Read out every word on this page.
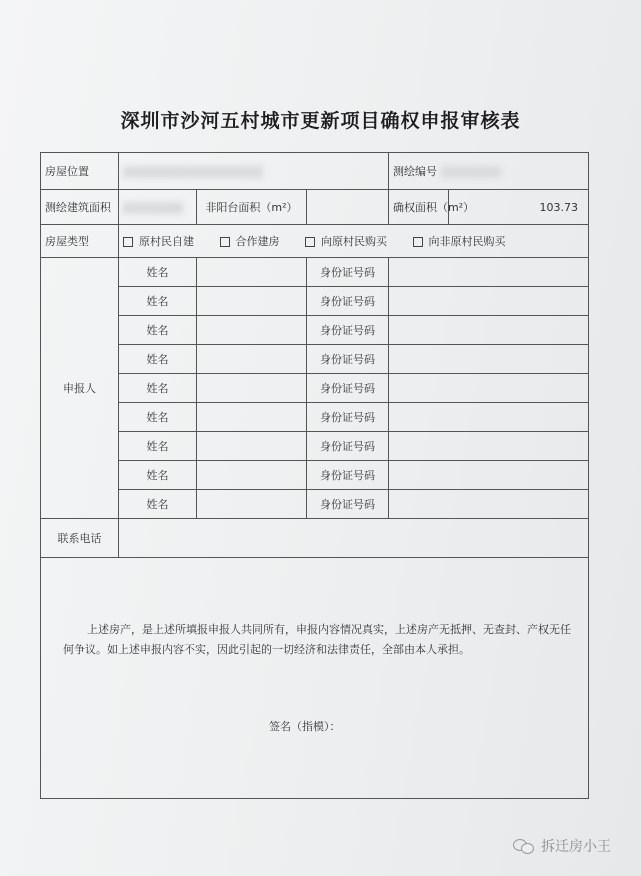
深圳市沙河五村城市更新项目确权申报审核表
房屋位置				测绘编号	
测绘建筑面积		非阳台面积（m²）		确权面积（m²）	103.73
房屋类型	原村民自建 合作建房 向原村民购买 向非原村民购买				
申报人	姓名		身份证号码		
	姓名		身份证号码		
	姓名		身份证号码		
	姓名		身份证号码		
	姓名		身份证号码		
	姓名		身份证号码		
	姓名		身份证号码		
	姓名		身份证号码		
	姓名		身份证号码		
联系电话					

上述房产，是上述所填报申报人共同所有，申报内容情况真实，上述房产无抵押、无查封、产权无任何争议。如上述申报内容不实，因此引起的一切经济和法律责任，全部由本人承担。
签名（指模）：					
拆迁房小王
